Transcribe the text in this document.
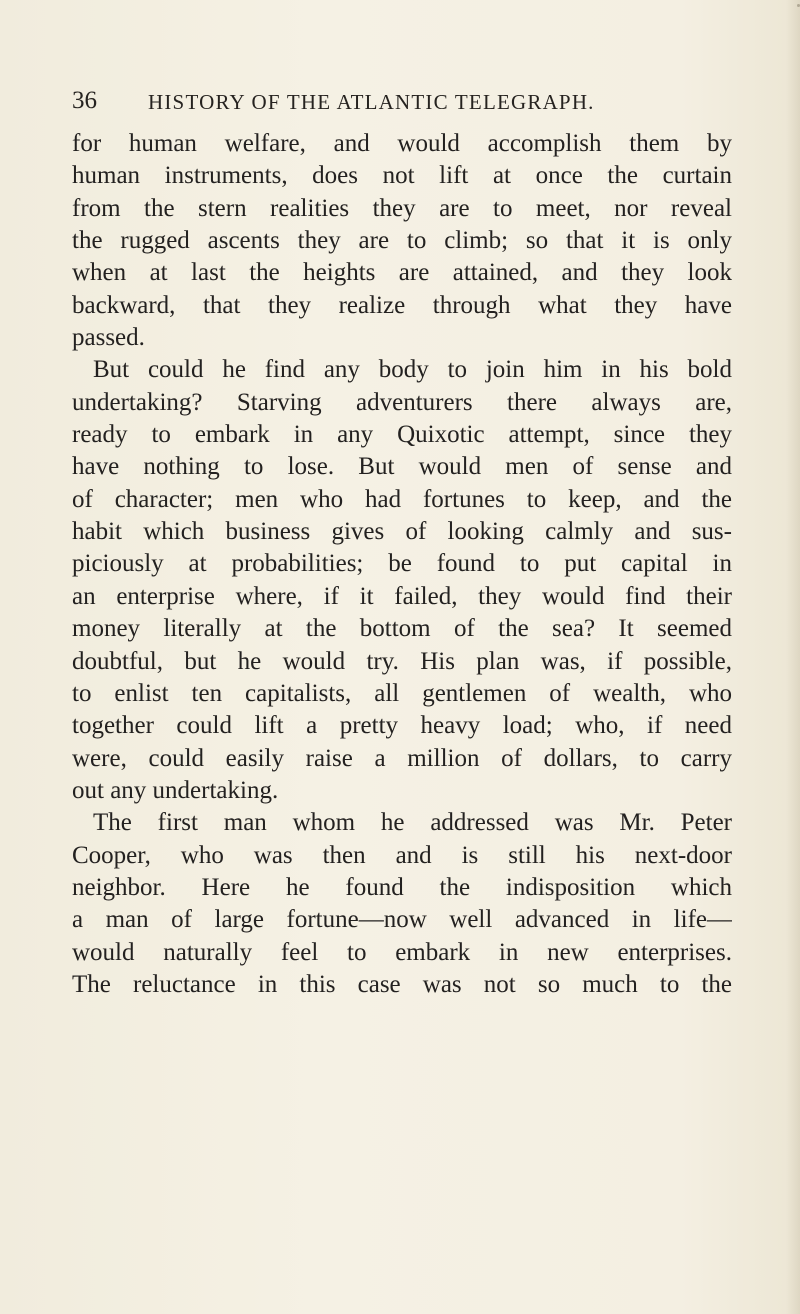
36 HISTORY OF THE ATLANTIC TELEGRAPH.
for human welfare, and would accomplish them by
human instruments, does not lift at once the curtain
from the stern realities they are to meet, nor reveal
the rugged ascents they are to climb; so that it is only
when at last the heights are attained, and they look
backward, that they realize through what they have
passed.
But could he find any body to join him in his bold
undertaking? Starving adventurers there always are,
ready to embark in any Quixotic attempt, since they
have nothing to lose. But would men of sense and
of character; men who had fortunes to keep, and the
habit which business gives of looking calmly and sus-
piciously at probabilities; be found to put capital in
an enterprise where, if it failed, they would find their
money literally at the bottom of the sea? It seemed
doubtful, but he would try. His plan was, if possible,
to enlist ten capitalists, all gentlemen of wealth, who
together could lift a pretty heavy load; who, if need
were, could easily raise a million of dollars, to carry
out any undertaking.
The first man whom he addressed was Mr. Peter
Cooper, who was then and is still his next-door
neighbor. Here he found the indisposition which
a man of large fortune—now well advanced in life—
would naturally feel to embark in new enterprises.
The reluctance in this case was not so much to the
